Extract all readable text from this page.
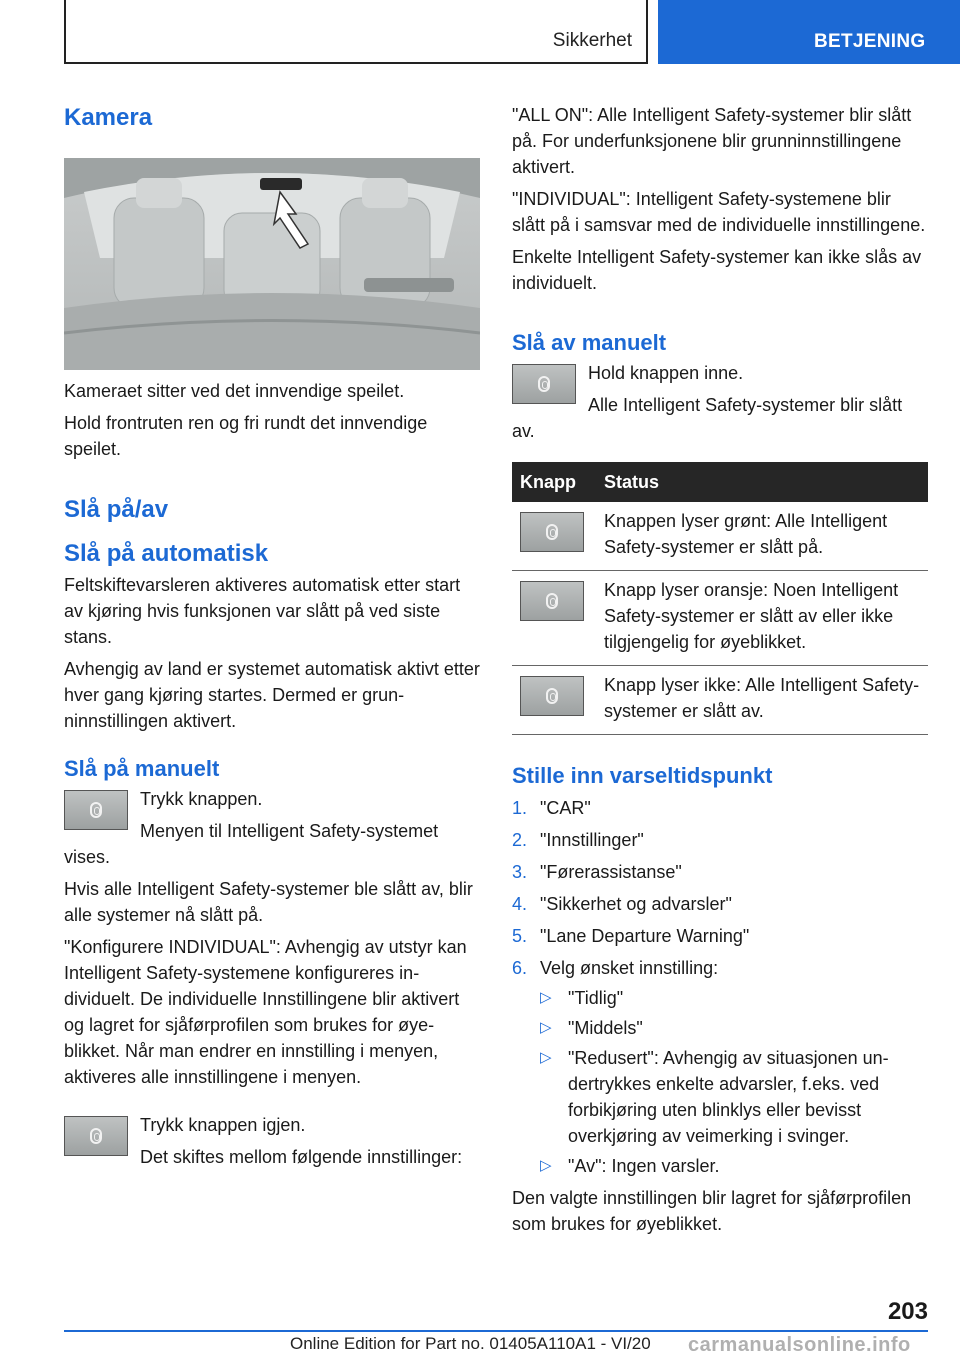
Sikkerhet	BETJENING
Kamera

Kameraet sitter ved det innvendige speilet.

Hold frontruten ren og fri rundt det innvendige speilet.

Slå på/av
Slå på automatisk

Feltskiftevarsleren aktiveres automatisk etter start av kjøring hvis funksjonen var slått på ved siste stans.

Avhengig av land er systemet automatisk aktivt etter hver gang kjøring startes. Dermed er grunninnstillingen aktivert.

Slå på manuelt

Trykk knappen.

Menyen til Intelligent Safety-systemet vises.

Hvis alle Intelligent Safety-systemer ble slått av, blir alle systemer nå slått på.

"Konfigurere INDIVIDUAL": Avhengig av utstyr kan Intelligent Safety-systemene konfigureres individuelt. De individuelle Innstillingene blir aktivert og lagret for sjåførprofilen som brukes for øyeblikket. Når man endrer en innstilling i menyen, aktiveres alle innstillingene i menyen.

Trykk knappen igjen.

Det skiftes mellom følgende innstillinger:

"ALL ON": Alle Intelligent Safety-systemer blir slått på. For underfunksjonene blir grunninnstillingene aktivert.

"INDIVIDUAL": Intelligent Safety-systemene blir slått på i samsvar med de individuelle innstillingene.

Enkelte Intelligent Safety-systemer kan ikke slås av individuelt.

Slå av manuelt

Hold knappen inne.

Alle Intelligent Safety-systemer blir slått av.

Knapp	Status

	Knappen lyser grønt: Alle Intelligent Safety-systemer er slått på.

	Knapp lyser oransje: Noen Intelligent Safety-systemer er slått av eller ikke tilgjengelig for øyeblikket.

	Knapp lyser ikke: Alle Intelligent Safety-systemer er slått av.
Stille inn varseltidspunkt
1. "CAR"
2. "Innstillinger"
3. "Førerassistanse"
4. "Sikkerhet og advarsler"
5. "Lane Departure Warning"
6. Velg ønsket innstilling:
▷ "Tidlig"
▷ "Middels"
▷ "Redusert": Avhengig av situasjonen undertrykkes enkelte advarsler, f.eks. ved forbikjøring uten blinklys eller bevisst overkjøring av veimerking i svinger.
▷ "Av": Ingen varsler.

Den valgte innstillingen blir lagret for sjåførprofilen som brukes for øyeblikket.

203
Online Edition for Part no. 01405A110A1 - VI/20 carmanualsonline.info
